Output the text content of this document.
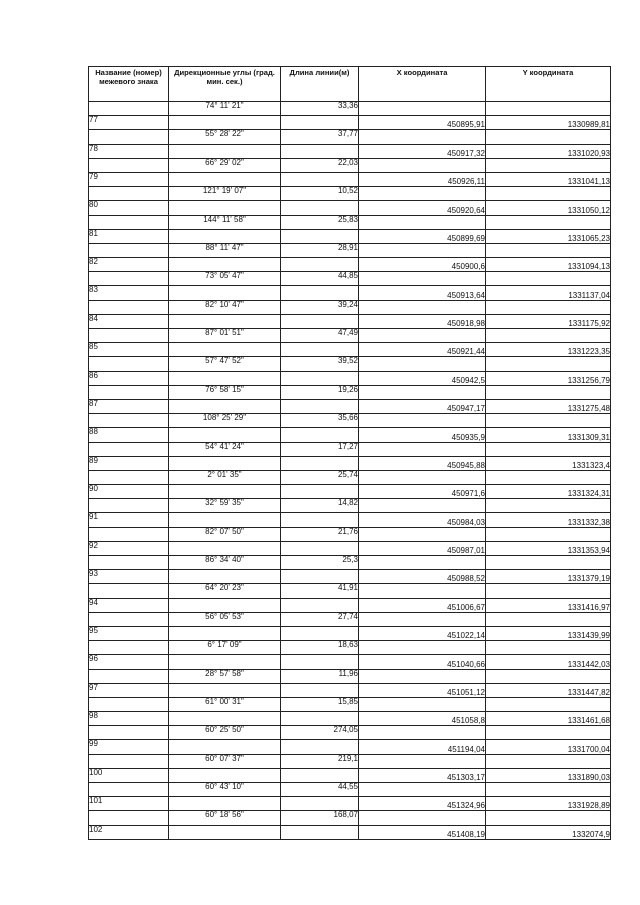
Название (номер) межевого знака	Дирекционные углы (град. мин. сек.)	Длина линии(м)	X координата	Y координата
	74° 11' 21"	33,36		
77			450895,91	1330989,81
	55° 28' 22"	37,77		
78			450917,32	1331020,93
	66° 29' 02"	22,03		
79			450926,11	1331041,13
	121° 19' 07"	10,52		
80			450920,64	1331050,12
	144° 11' 58"	25,83		
81			450899,69	1331065,23
	88° 11' 47"	28,91		
82			450900,6	1331094,13
	73° 05' 47"	44,85		
83			450913,64	1331137,04
	82° 10' 47"	39,24		
84			450918,98	1331175,92
	87° 01' 51"	47,49		
85			450921,44	1331223,35
	57° 47' 52"	39,52		
86			450942,5	1331256,79
	76° 58' 15"	19,26		
87			450947,17	1331275,48
	108° 25' 29"	35,66		
88			450935,9	1331309,31
	54° 41' 24"	17,27		
89			450945,88	1331323,4
	2° 01' 35"	25,74		
90			450971,6	1331324,31
	32° 59' 35"	14,82		
91			450984,03	1331332,38
	82° 07' 50"	21,76		
92			450987,01	1331353,94
	86° 34' 40"	25,3		
93			450988,52	1331379,19
	64° 20' 23"	41,91		
94			451006,67	1331416,97
	56° 05' 53"	27,74		
95			451022,14	1331439,99
	6° 17' 09"	18,63		
96			451040,66	1331442,03
	28° 57' 58"	11,96		
97			451051,12	1331447,82
	61° 00' 31"	15,85		
98			451058,8	1331461,68
	60° 25' 50"	274,05		
99			451194,04	1331700,04
	60° 07' 37"	219,1		
100			451303,17	1331890,03
	60° 43' 10"	44,55		
101			451324,96	1331928,89
	60° 18' 56"	168,07		
102			451408,19	1332074,9
